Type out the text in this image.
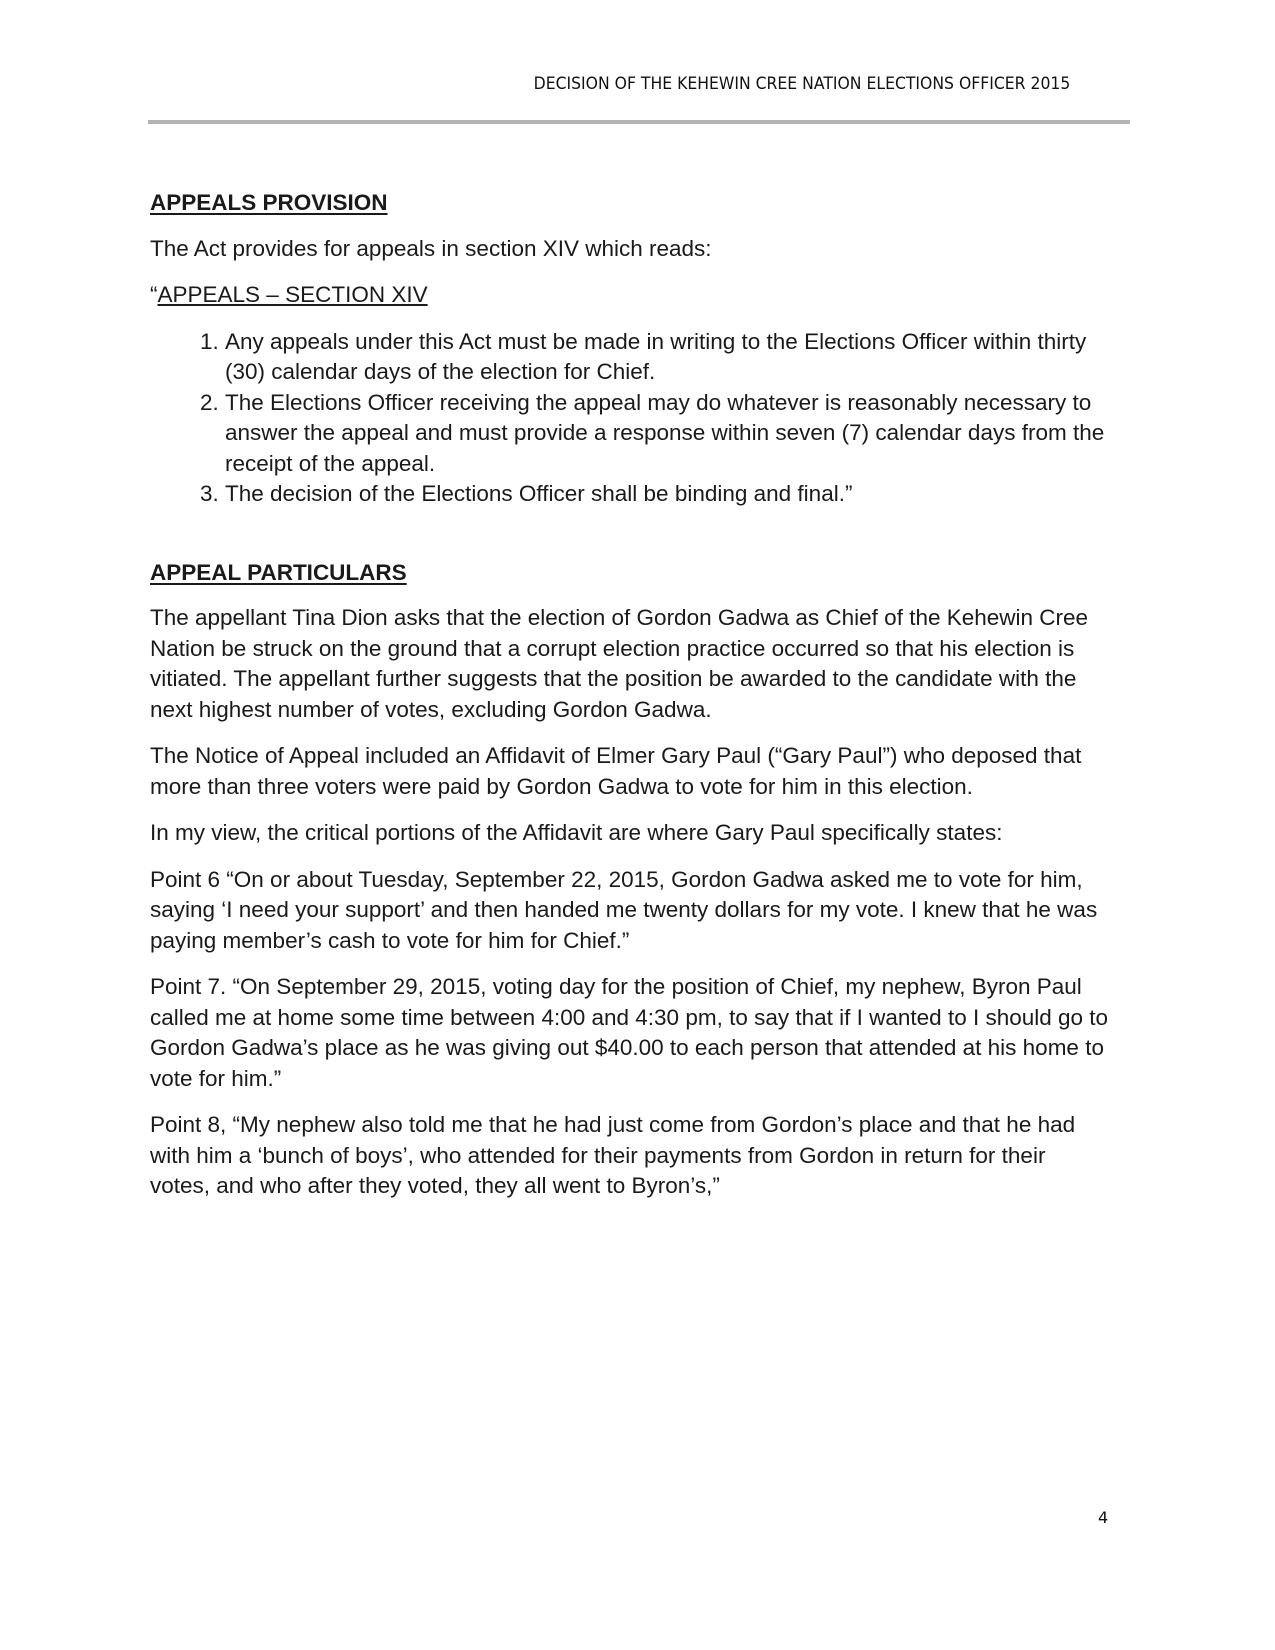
DECISION OF THE KEHEWIN CREE NATION ELECTIONS OFFICER 2015
APPEALS PROVISION

The Act provides for appeals in section XIV which reads:

“APPEALS – SECTION XIV
1. Any appeals under this Act must be made in writing to the Elections Officer within thirty (30) calendar days of the election for Chief.
2. The Elections Officer receiving the appeal may do whatever is reasonably necessary to answer the appeal and must provide a response within seven (7) calendar days from the receipt of the appeal.
3. The decision of the Elections Officer shall be binding and final.”
APPEAL PARTICULARS

The appellant Tina Dion asks that the election of Gordon Gadwa as Chief of the Kehewin Cree Nation be struck on the ground that a corrupt election practice occurred so that his election is vitiated. The appellant further suggests that the position be awarded to the candidate with the next highest number of votes, excluding Gordon Gadwa.

The Notice of Appeal included an Affidavit of Elmer Gary Paul (“Gary Paul”) who deposed that more than three voters were paid by Gordon Gadwa to vote for him in this election.

In my view, the critical portions of the Affidavit are where Gary Paul specifically states:

Point 6 “On or about Tuesday, September 22, 2015, Gordon Gadwa asked me to vote for him, saying ‘I need your support’ and then handed me twenty dollars for my vote. I knew that he was paying member’s cash to vote for him for Chief.”

Point 7. “On September 29, 2015, voting day for the position of Chief, my nephew, Byron Paul called me at home some time between 4:00 and 4:30 pm, to say that if I wanted to I should go to Gordon Gadwa’s place as he was giving out $40.00 to each person that attended at his home to vote for him.”

Point 8, “My nephew also told me that he had just come from Gordon’s place and that he had with him a ‘bunch of boys’, who attended for their payments from Gordon in return for their votes, and who after they voted, they all went to Byron’s,”

4
